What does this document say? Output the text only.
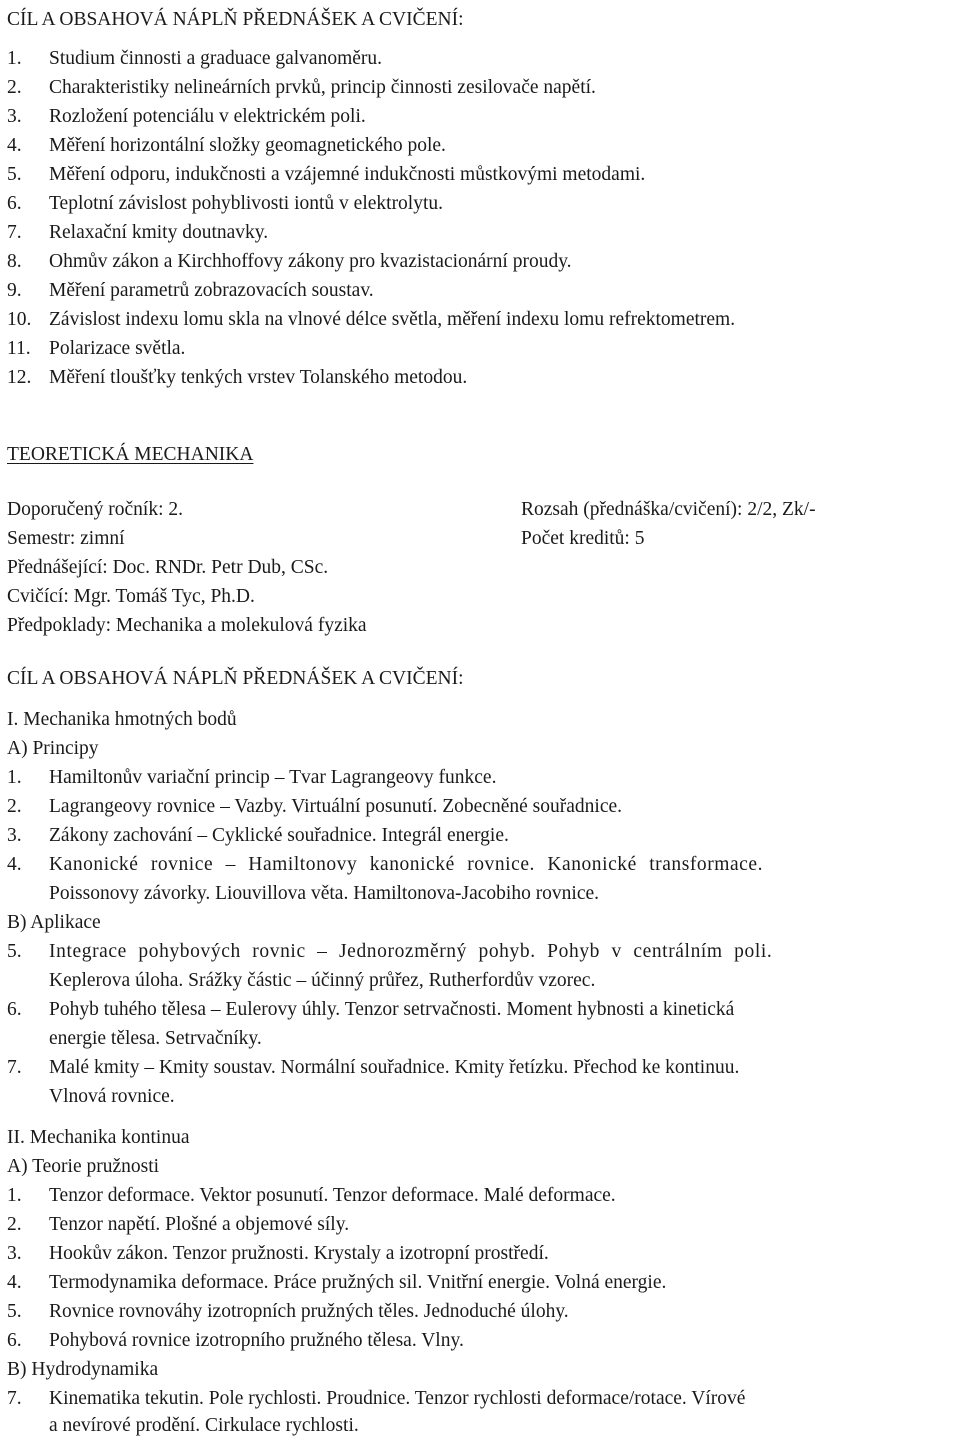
CÍL A OBSAHOVÁ NÁPLŇ PŘEDNÁŠEK A CVIČENÍ:
1. Studium činnosti a graduace galvanoměru.
2. Charakteristiky nelineárních prvků, princip činnosti zesilovače napětí.
3. Rozložení potenciálu v elektrickém poli.
4. Měření horizontální složky geomagnetického pole.
5. Měření odporu, indukčnosti a vzájemné indukčnosti můstkovými metodami.
6. Teplotní závislost pohyblivosti iontů v elektrolytu.
7. Relaxační kmity doutnavky.
8. Ohmův zákon a Kirchhoffovy zákony pro kvazistacionární proudy.
9. Měření parametrů zobrazovacích soustav.
10. Závislost indexu lomu skla na vlnové délce světla, měření indexu lomu refrektometrem.
11. Polarizace světla.
12. Měření tloušťky tenkých vrstev Tolanského metodou.
TEORETICKÁ MECHANIKA
Doporučený ročník: 2.	Rozsah (přednáška/cvičení): 2/2, Zk/-
Semestr: zimní	Počet kreditů: 5
Přednášející: Doc. RNDr. Petr Dub, CSc.
Cvičící: Mgr. Tomáš Tyc, Ph.D.
Předpoklady: Mechanika a molekulová fyzika
CÍL A OBSAHOVÁ NÁPLŇ PŘEDNÁŠEK A CVIČENÍ:
I. Mechanika hmotných bodů
A) Principy
1. Hamiltonův variační princip – Tvar Lagrangeovy funkce.
2. Lagrangeovy rovnice – Vazby. Virtuální posunutí. Zobecněné souřadnice.
3. Zákony zachování – Cyklické souřadnice. Integrál energie.
4. Kanonické rovnice – Hamiltonovy kanonické rovnice. Kanonické transformace.
Poissonovy závorky. Liouvillova věta. Hamiltonova-Jacobiho rovnice.
B) Aplikace
5. Integrace pohybových rovnic – Jednorozměrný pohyb. Pohyb v centrálním poli.
Keplerova úloha. Srážky částic – účinný průřez, Rutherfordův vzorec.
6. Pohyb tuhého tělesa – Eulerovy úhly. Tenzor setrvačnosti. Moment hybnosti a kinetická
energie tělesa. Setrvačníky.
7. Malé kmity – Kmity soustav. Normální souřadnice. Kmity řetízku. Přechod ke kontinuu.
Vlnová rovnice.
II. Mechanika kontinua
A) Teorie pružnosti
1. Tenzor deformace. Vektor posunutí. Tenzor deformace. Malé deformace.
2. Tenzor napětí. Plošné a objemové síly.
3. Hookův zákon. Tenzor pružnosti. Krystaly a izotropní prostředí.
4. Termodynamika deformace. Práce pružných sil. Vnitřní energie. Volná energie.
5. Rovnice rovnováhy izotropních pružných těles. Jednoduché úlohy.
6. Pohybová rovnice izotropního pružného tělesa. Vlny.
B) Hydrodynamika
7. Kinematika tekutin. Pole rychlosti. Proudnice. Tenzor rychlosti deformace/rotace. Vírové
a nevírové prodění. Cirkulace rychlosti.
